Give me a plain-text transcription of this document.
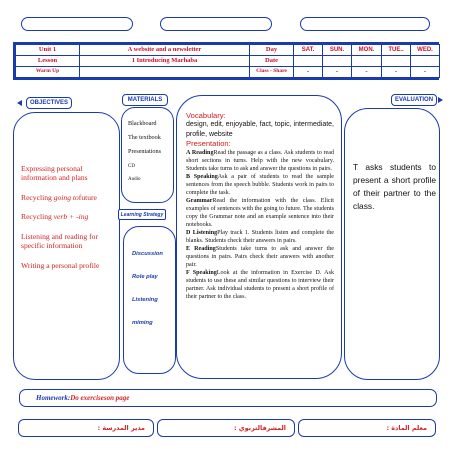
Unit 1	A website and a newsletter	Day	SAT.	SUN.	MON.	TUE..	WED.
Lesson	1 Introducing Marhaba	Date					
Warm Up		Class - Share	-	-	-	-	-
OBJECTIVES	MATERIALS	EVALUATION

Expressing personal information and plans

Recycling going tofuture

Recycling verb + -ing

Listening and reading for specific information

Writing a personal profile

Blackboard
The textbook
Presentations
CD
Audio
Learning Strategy
Discussion
Role play
Listening
miming
Vocabulary:
design, edit, enjoyable, fact, topic, intermediate, profile, website
Presentation:

A ReadingRead the passage as a class. Ask students to read short sections in turns. Help with the new vocabulary. Students take turns to ask and answer the questions in pairs.

B SpeakingAsk a pair of students to read the sample sentences from the speech bubble. Students work in pairs to complete the task.

GrammarRead the information with the class. Elicit examples of sentences with the going to future. The students copy the Grammar note and an example sentence into their notebooks.

D ListeningPlay track 1. Students listen and complete the blanks. Students check their answers in pairs.

E ReadingStudents take turns to ask and answer the questions in pairs. Pairs check their answers with another pair.

F SpeakingLook at the information in Exercise D. Ask students to use these and similar questions to interview their partner. Ask individual students to present a short profile of their partner to the class.

T asks students to present a short profile of their partner to the class.
Homework: Do exerciseson page
مدير المدرسة :	المشرفالتربوي :	معلم المادة :
